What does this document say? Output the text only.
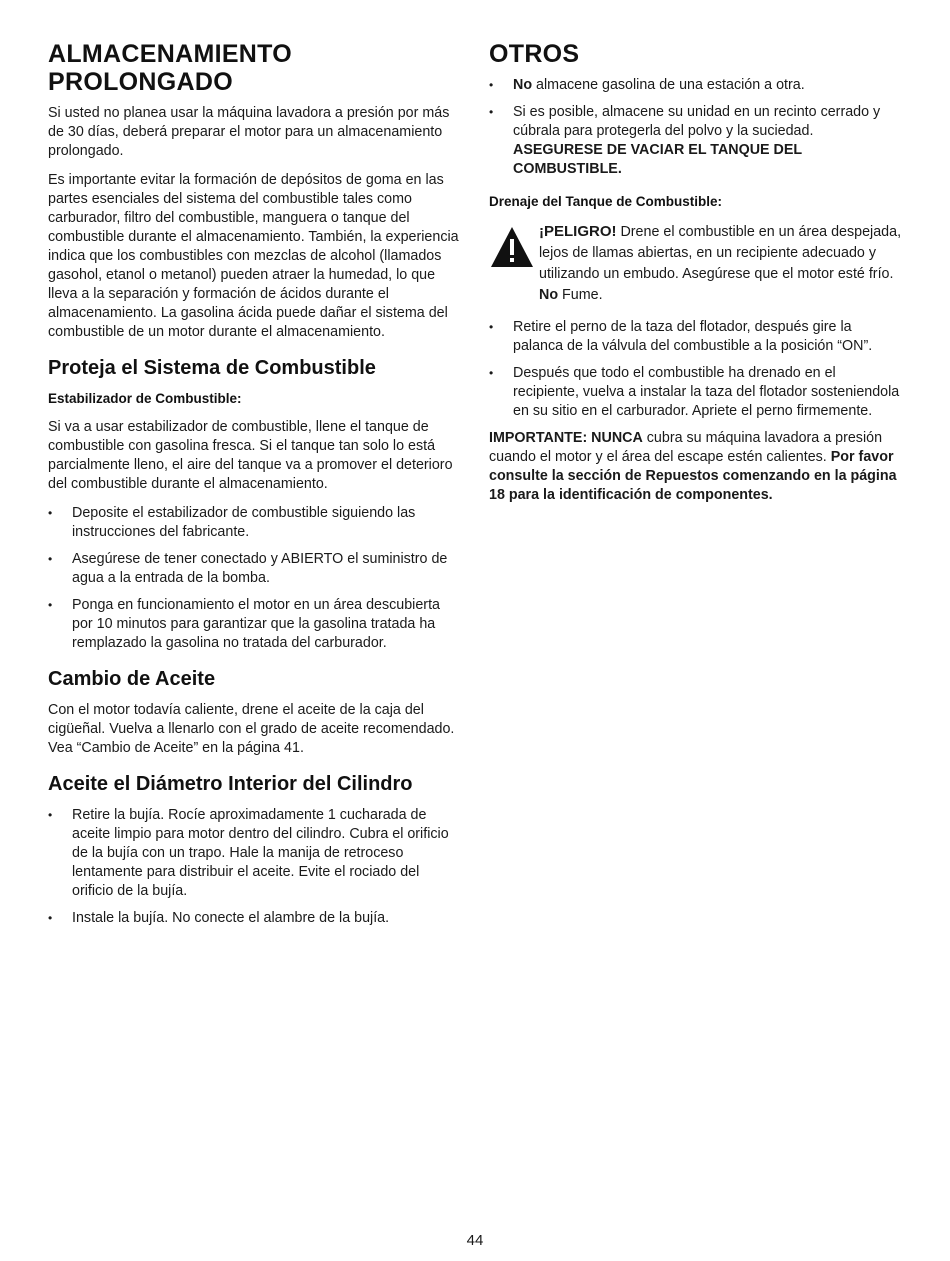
ALMACENAMIENTO PROLONGADO

Si usted no planea usar la máquina lavadora a presión por más de 30 días, deberá preparar el motor para un almacenamiento prolongado.

Es importante evitar la formación de depósitos de goma en las partes esenciales del sistema del combustible tales como carburador, filtro del combustible, manguera o tanque del combustible durante el almacenamiento. También, la experiencia indica que los combustibles con mezclas de alcohol (llamados gasohol, etanol o metanol) pueden atraer la humedad, lo que lleva a la separación y formación de ácidos durante el almacenamiento. La gasolina ácida puede dañar el sistema del combustible de un motor durante el almacenamiento.

Proteja el Sistema de Combustible
Estabilizador de Combustible:

Si va a usar estabilizador de combustible, llene el tanque de combustible con gasolina fresca. Si el tanque tan solo lo está parcialmente lleno, el aire del tanque va a promover el deterioro del combustible durante el almacenamiento.

• Deposite el estabilizador de combustible siguiendo las instrucciones del fabricante.
• Asegúrese de tener conectado y ABIERTO el suministro de agua a la entrada de la bomba.
• Ponga en funcionamiento el motor en un área descubierta por 10 minutos para garantizar que la gasolina tratada ha remplazado la gasolina no tratada del carburador.
Cambio de Aceite

Con el motor todavía caliente, drene el aceite de la caja del cigüeñal. Vuelva a llenarlo con el grado de aceite recomendado. Vea “Cambio de Aceite” en la página 41.

Aceite el Diámetro Interior del Cilindro
• Retire la bujía. Rocíe aproximadamente 1 cucharada de aceite limpio para motor dentro del cilindro. Cubra el orificio de la bujía con un trapo. Hale la manija de retroceso lentamente para distribuir el aceite. Evite el rociado del orificio de la bujía.
• Instale la bujía. No conecte el alambre de la bujía.
OTROS
• No almacene gasolina de una estación a otra.
• Si es posible, almacene su unidad en un recinto cerrado y cúbrala para protegerla del polvo y la suciedad.
ASEGURESE DE VACIAR EL TANQUE DEL COMBUSTIBLE.
Drenaje del Tanque de Combustible:
¡PELIGRO! Drene el combustible en un área despejada, lejos de llamas abiertas, en un recipiente adecuado y utilizando un embudo. Asegúrese que el motor esté frío. No Fume.
• Retire el perno de la taza del flotador, después gire la palanca de la válvula del combustible a la posición “ON”.
• Después que todo el combustible ha drenado en el recipiente, vuelva a instalar la taza del flotador sosteniendola en su sitio en el carburador. Apriete el perno firmemente.

IMPORTANTE: NUNCA cubra su máquina lavadora a presión cuando el motor y el área del escape estén calientes. Por favor consulte la sección de Repuestos comenzando en la página 18 para la identificación de componentes.

44
